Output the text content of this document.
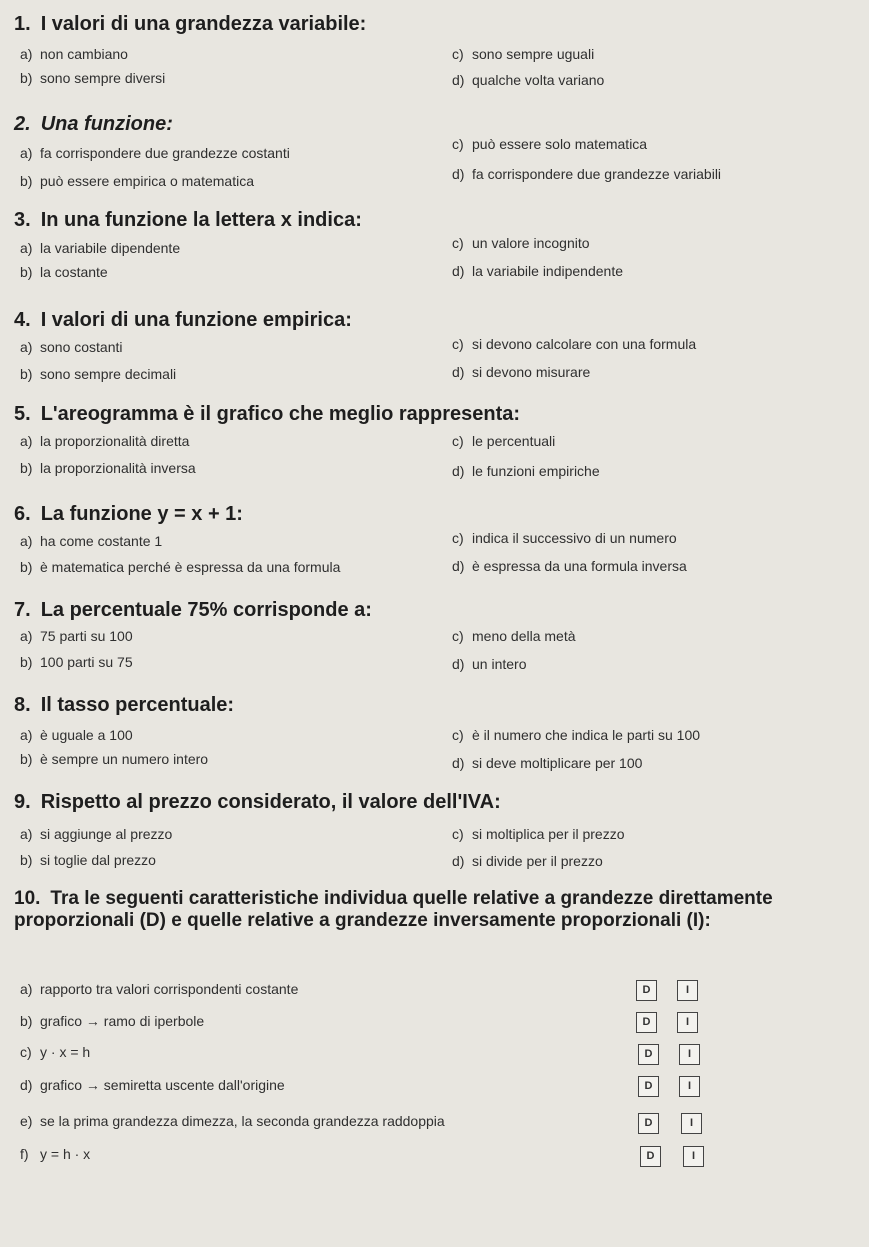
1. I valori di una grandezza variabile:
a) non cambiano
b) sono sempre diversi
c) sono sempre uguali
d) qualche volta variano
2. Una funzione:
a) fa corrispondere due grandezze costanti
b) può essere empirica o matematica
c) può essere solo matematica
d) fa corrispondere due grandezze variabili
3. In una funzione la lettera x indica:
a) la variabile dipendente
b) la costante
c) un valore incognito
d) la variabile indipendente
4. I valori di una funzione empirica:
a) sono costanti
b) sono sempre decimali
c) si devono calcolare con una formula
d) si devono misurare
5. L'areogramma è il grafico che meglio rappresenta:
a) la proporzionalità diretta
b) la proporzionalità inversa
c) le percentuali
d) le funzioni empiriche
6. La funzione y = x + 1:
a) ha come costante 1
b) è matematica perché è espressa da una formula
c) indica il successivo di un numero
d) è espressa da una formula inversa
7. La percentuale 75% corrisponde a:
a) 75 parti su 100
b) 100 parti su 75
c) meno della metà
d) un intero
8. Il tasso percentuale:
a) è uguale a 100
b) è sempre un numero intero
c) è il numero che indica le parti su 100
d) si deve moltiplicare per 100
9. Rispetto al prezzo considerato, il valore dell'IVA:
a) si aggiunge al prezzo
b) si toglie dal prezzo
c) si moltiplica per il prezzo
d) si divide per il prezzo
10. Tra le seguenti caratteristiche individua quelle relative a grandezze direttamente proporzionali (D) e quelle relative a grandezze inversamente proporzionali (I):
a) rapporto tra valori corrispondenti costante	D	I
b) grafico → ramo di iperbole	D	I
c) y · x = h	D	I
d) grafico → semiretta uscente dall'origine	D	I
e) se la prima grandezza dimezza, la seconda grandezza raddoppia	D	I
f) y = h · x	D	I
